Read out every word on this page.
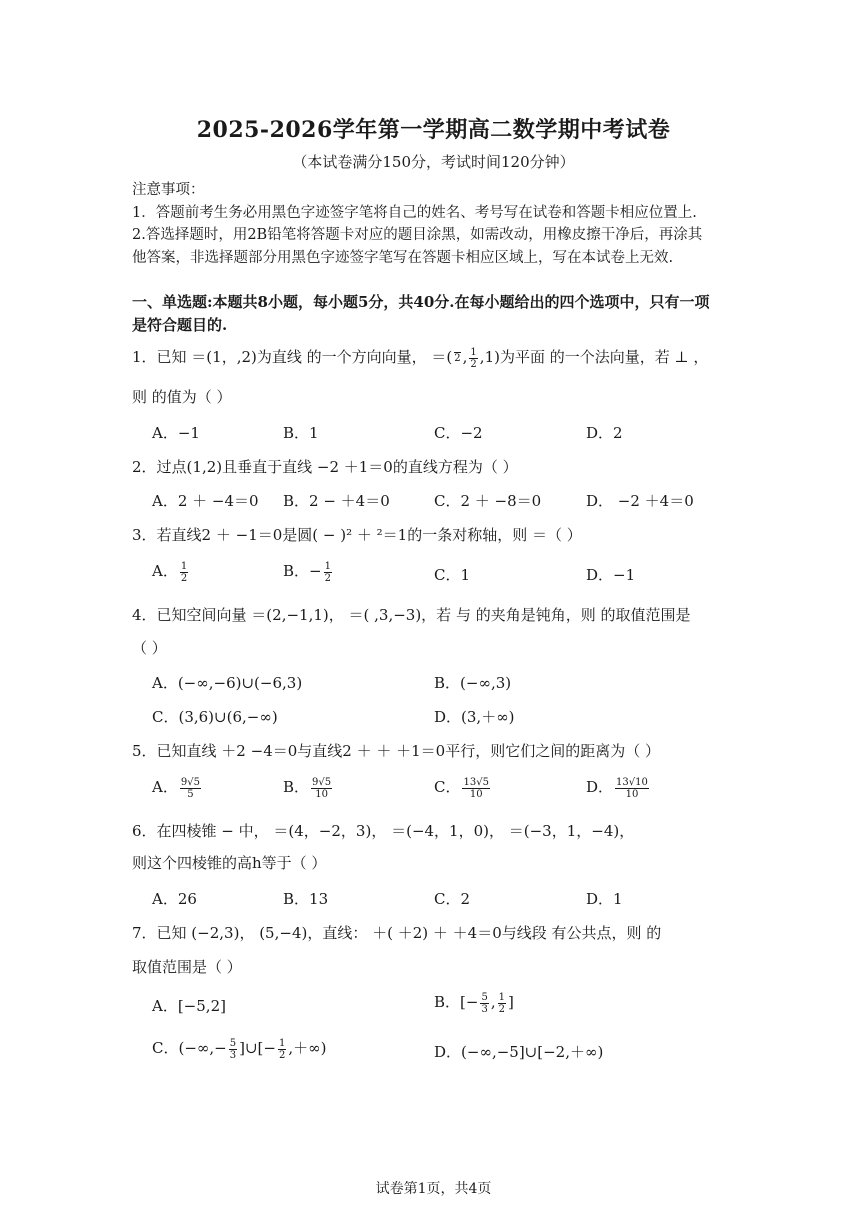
2025-2026学年第一学期高二数学期中考试卷
（本试卷满分150分，考试时间120分钟）
注意事项：
1．答题前考生务必用黑色字迹签字笔将自己的姓名、考号写在试卷和答题卡相应位置上.
2.答选择题时，用2B铅笔将答题卡对应的题目涂黑，如需改动，用橡皮擦干净后，再涂其
他答案，非选择题部分用黑色字迹签字笔写在答题卡相应区域上，写在本试卷上无效.
一、单选题:本题共8小题，每小题5分，共40分.在每小题给出的四个选项中，只有一项
是符合题目的.
1．已知 ＝(1，,2)为直线 的一个方向向量， ＝( 2 , $\frac{1}{2} ,1$)为平面 的一个法向量，若 ⊥ ，
则 的值为（ ）
A．−1	B．1	C．−2	D．2
2．过点(1,2)且垂直于直线 −2 ＋1＝0的直线方程为（ ）
A．2 ＋ −4＝0 B．2 − ＋4＝0	C．2 ＋ −8＝0	D． −2 ＋4＝0
3．若直线2 ＋ −1＝0是圆( − )² ＋ ²＝1的一条对称轴，则 ＝（ ）
A． $\frac{1}{2}$	B．− $\frac{1}{2}$	C．1	D．−1
4．已知空间向量 ＝(2,−1,1)， ＝( ,3,−3)，若 与 的夹角是钝角，则 的取值范围是
（ ）
A．(−∞,−6)∪(−6,3)	B．(−∞,3)
C．(3,6)∪(6,−∞)	D．(3,＋∞)
5．已知直线 ＋2 −4＝0与直线2 ＋ ＋ ＋1＝0平行，则它们之间的距离为（ ）
A． $\frac{9√5}{5}$	B． $\frac{9√5}{10}$	C． $\frac{13√5}{10}$	D． $\frac{13√10}{10}$
6．在四棱锥 − 中， ＝(4，−2，3)， ＝(−4，1，0)， ＝(−3，1，−4)，
则这个四棱锥的高h等于（ ）
A．26	B．13	C．2	D．1
7．已知 (−2,3)， (5,−4)，直线： ＋( ＋2) ＋ ＋4＝0与线段 有公共点，则 的
取值范围是（ ）
A．[−5,2]	B．[− $\frac{5}{3}$ , $\frac{1}{2}$ ]
C．(−∞,− $\frac{5}{3}$ ]∪[− $\frac{1}{2}$ ,＋∞)	D．(−∞,−5]∪[−2,＋∞)
试卷第1页，共4页
